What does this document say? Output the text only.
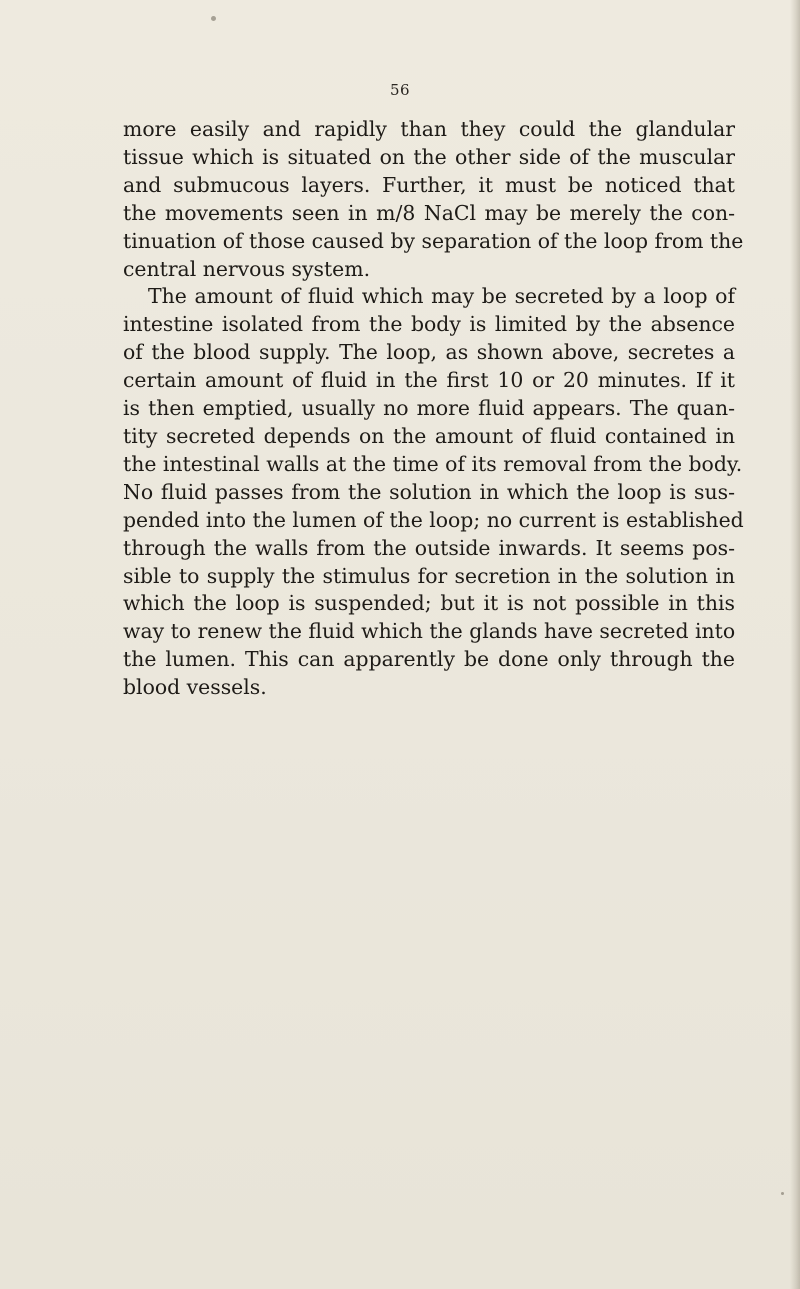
56
more easily and rapidly than they could the glandular
tissue which is situated on the other side of the muscular
and submucous layers. Further, it must be noticed that
the movements seen in m/8 NaCl may be merely the con-
tinuation of those caused by separation of the loop from the
central nervous system.
The amount of fluid which may be secreted by a loop of
intestine isolated from the body is limited by the absence
of the blood supply. The loop, as shown above, secretes a
certain amount of fluid in the first 10 or 20 minutes. If it
is then emptied, usually no more fluid appears. The quan-
tity secreted depends on the amount of fluid contained in
the intestinal walls at the time of its removal from the body.
No fluid passes from the solution in which the loop is sus-
pended into the lumen of the loop; no current is established
through the walls from the outside inwards. It seems pos-
sible to supply the stimulus for secretion in the solution in
which the loop is suspended; but it is not possible in this
way to renew the fluid which the glands have secreted into
the lumen. This can apparently be done only through the
blood vessels.
